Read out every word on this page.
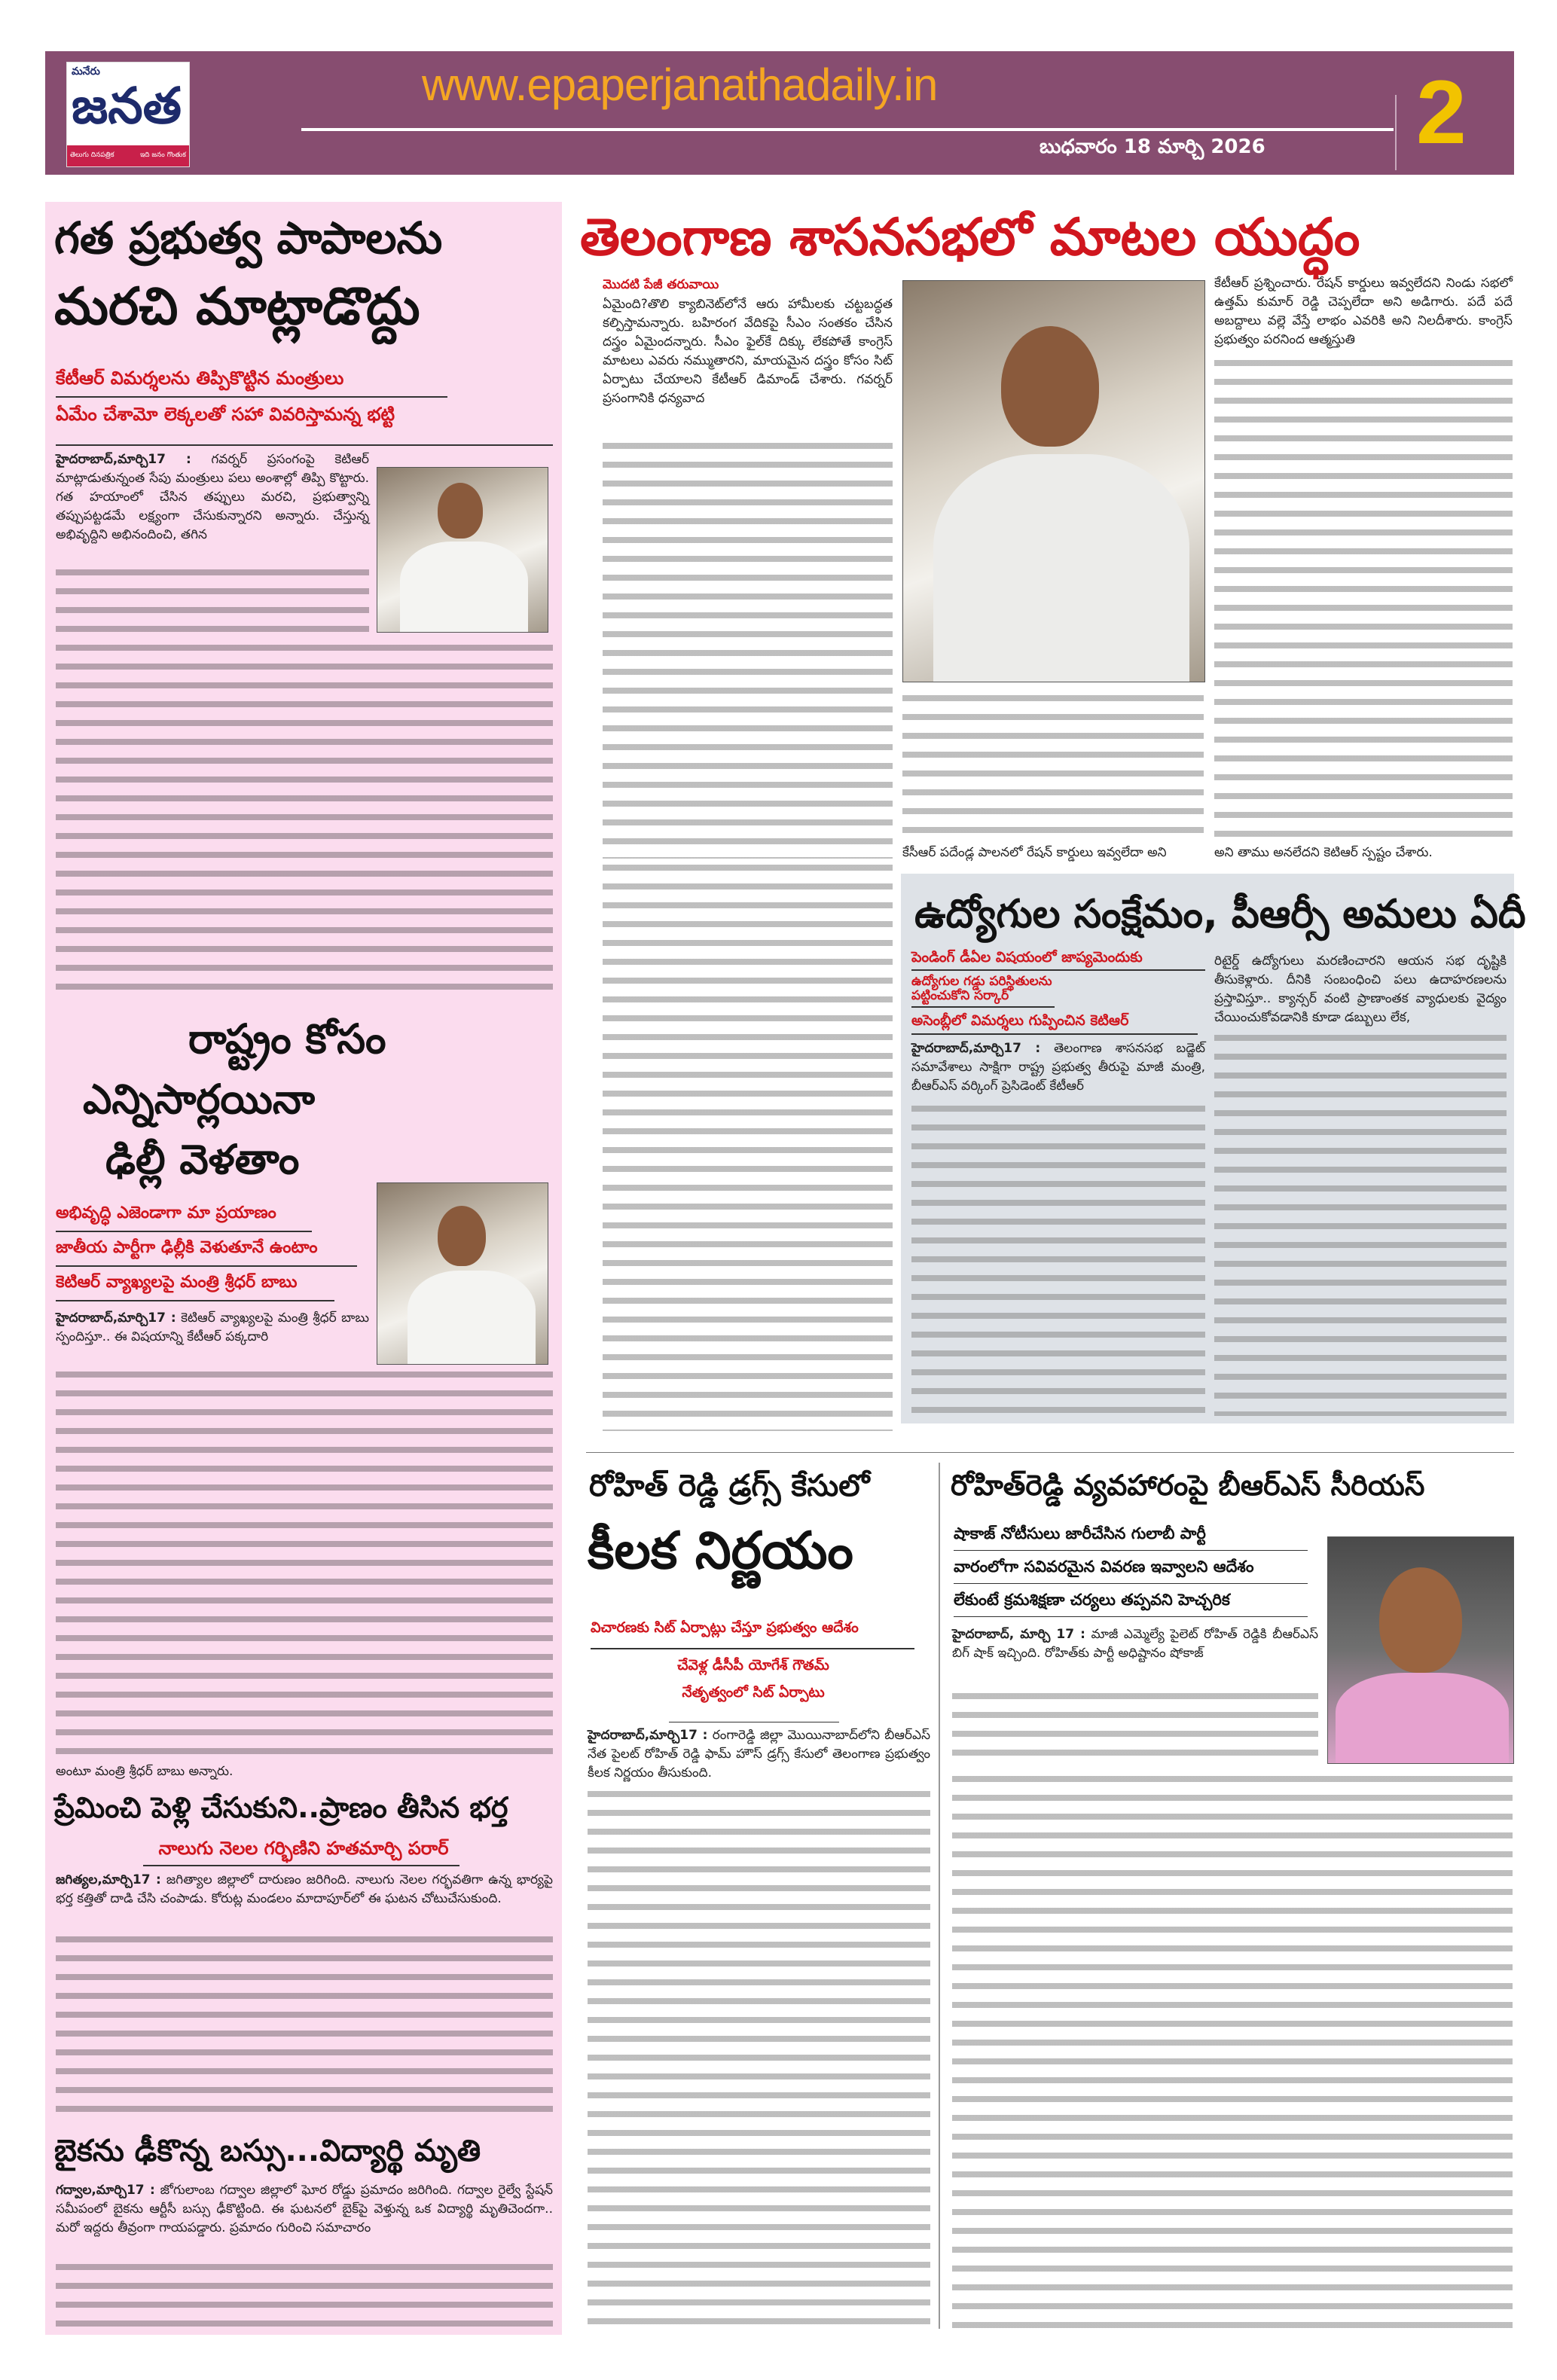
మనేరు
జనత
తెలుగు దినపత్రిక	ఇది జనం గొంతుక
www.epaperjanathadaily.in
బుధవారం 18 మార్చి 2026 2
గత ప్రభుత్వ పాపాలను
మరచి మాట్లాడొద్దు
కేటీఆర్ విమర్శలను తిప్పికొట్టిన మంత్రులు
ఏమేం చేశామో లెక్కలతో సహా వివరిస్తామన్న భట్టి
హైదరాబాద్,మార్చి17 : గవర్నర్ ప్రసంగంపై కెటిఆర్ మాట్లాడుతున్నంత సేపు మంత్రులు పలు అంశాల్లో తిప్పి కొట్టారు. గత హయాంలో చేసిన తప్పులు మరచి, ప్రభుత్వాన్ని తప్పుపట్టడమే లక్ష్యంగా చేసుకున్నారని అన్నారు. చేస్తున్న అభివృద్దిని అభినందించి, తగిన
రాష్ట్రం కోసం
ఎన్నిసార్లయినా
ఢిల్లీ వెళతాం
అభివృద్ధి ఎజెండాగా మా ప్రయాణం
జాతీయ పార్టీగా ఢిల్లీకి వెళుతూనే ఉంటాం
కెటిఆర్ వ్యాఖ్యలపై మంత్రి శ్రీధర్ బాబు
హైదరాబాద్,మార్చి17 : కెటిఆర్ వ్యాఖ్యలపై మంత్రి శ్రీధర్ బాబు స్పందిస్తూ.. ఈ విషయాన్ని కేటీఆర్ పక్కదారి
అంటూ మంత్రి శ్రీధర్ బాబు అన్నారు.
ప్రేమించి పెళ్లి చేసుకుని..ప్రాణం తీసిన భర్త
నాలుగు నెలల గర్భిణిని హతమార్చి పరార్
జగిత్యల,మార్చి17 : జగిత్యాల జిల్లాలో దారుణం జరిగింది. నాలుగు నెలల గర్భవతిగా ఉన్న భార్యపై భర్త కత్తితో దాడి చేసి చంపాడు. కోరుట్ల మండలం మాదాపూర్‌లో ఈ ఘటన చోటుచేసుకుంది.
బైకను ఢీకొన్న బస్సు...విద్యార్థి మృతి
గద్వాల,మార్చి17 : జోగులాంబ గద్వాల జిల్లాలో ఘోర రోడ్డు ప్రమాదం జరిగింది. గద్వాల రైల్వే స్టేషన్ సమీపంలో బైకను ఆర్టీసీ బస్సు ఢీకొట్టింది. ఈ ఘటనలో బైక్‌పై వెళ్తున్న ఒక విద్యార్థి మృతిచెందగా.. మరో ఇద్దరు తీవ్రంగా గాయపడ్డారు. ప్రమాదం గురించి సమాచారం
తెలంగాణ శాసనసభలో మాటల యుద్ధం
మొదటి పేజీ తరువాయి
ఏమైంది?తొలి క్యాబినెట్‌లోనే ఆరు హామీలకు చట్టబద్ధత కల్పిస్తామన్నారు. బహిరంగ వేదికపై సీఎం సంతకం చేసిన దస్త్రం ఏమైందన్నారు. సీఎం ఫైల్‌కే దిక్కు లేకపోతే కాంగ్రెస్ మాటలు ఎవరు నమ్ముతారని, మాయమైన దస్త్రం కోసం సిట్ ఏర్పాటు చేయాలని కేటీఆర్ డిమాండ్ చేశారు. గవర్నర్ ప్రసంగానికి ధన్యవాద
కేటీఆర్ ప్రశ్నించారు. రేషన్ కార్డులు ఇవ్వలేదని నిండు సభలో ఉత్తమ్ కుమార్ రెడ్డి చెప్పలేదా అని అడిగారు. పదే పదే అబద్దాలు వల్లె వేస్తే లాభం ఎవరికి అని నిలదీశారు. కాంగ్రెస్ ప్రభుత్వం పరనింద ఆత్మస్తుతి
కేసీఆర్ పదేండ్ల పాలనలో రేషన్ కార్డులు ఇవ్వలేదా అని	అని తాము అనలేదని కెటిఆర్ స్పష్టం చేశారు.
ఉద్యోగుల సంక్షేమం, పీఆర్సీ అమలు ఏదీ
పెండింగ్ డీఏల విషయంలో జాప్యమెందుకు
ఉద్యోగుల గడ్డు పరిస్థితులను పట్టించుకోని సర్కార్
అసెంబ్లీలో విమర్శలు గుప్పించిన కెటిఆర్
హైదరాబాద్,మార్చి17 : తెలంగాణ శాసనసభ బడ్జెట్ సమావేశాలు సాక్షిగా రాష్ట్ర ప్రభుత్వ తీరుపై మాజీ మంత్రి, బీఆర్ఎస్ వర్కింగ్ ప్రెసిడెంట్ కేటీఆర్
రిటైర్డ్ ఉద్యోగులు మరణించారని ఆయన సభ దృష్టికి తీసుకెళ్లారు. దీనికి సంబంధించి పలు ఉదాహరణలను ప్రస్తావిస్తూ.. క్యాన్సర్ వంటి ప్రాణాంతక వ్యాధులకు వైద్యం చేయించుకోవడానికి కూడా డబ్బులు లేక,
రోహిత్ రెడ్డి డ్రగ్స్ కేసులో
కీలక నిర్ణయం
విచారణకు సిట్ ఏర్పాట్లు చేస్తూ ప్రభుత్వం ఆదేశం
చేవెళ్ల డీసీపీ యోగేశ్ గౌతమ్
నేతృత్వంలో సిట్ ఏర్పాటు
హైదరాబాద్,మార్చి17 : రంగారెడ్డి జిల్లా మొయినాబాద్‌లోని బీఆర్ఎస్ నేత పైలట్ రోహిత్ రెడ్డి ఫామ్ హౌస్ డ్రగ్స్ కేసులో తెలంగాణ ప్రభుత్వం కీలక నిర్ణయం తీసుకుంది.
రోహిత్‌రెడ్డి వ్యవహారంపై బీఆర్ఎస్ సీరియస్
షాకాజ్ నోటీసులు జారీచేసిన గులాబీ పార్టీ
వారంలోగా సవివరమైన వివరణ ఇవ్వాలని ఆదేశం
లేకుంటే క్రమశిక్షణా చర్యలు తప్పవని హెచ్చరిక
హైదరాబాద్, మార్చి 17 : మాజీ ఎమ్మెల్యే పైలెట్ రోహిత్ రెడ్డికి బీఆర్ఎస్ బిగ్ షాక్ ఇచ్చింది. రోహిత్‌కు పార్టీ అధిష్టానం షోకాజ్
